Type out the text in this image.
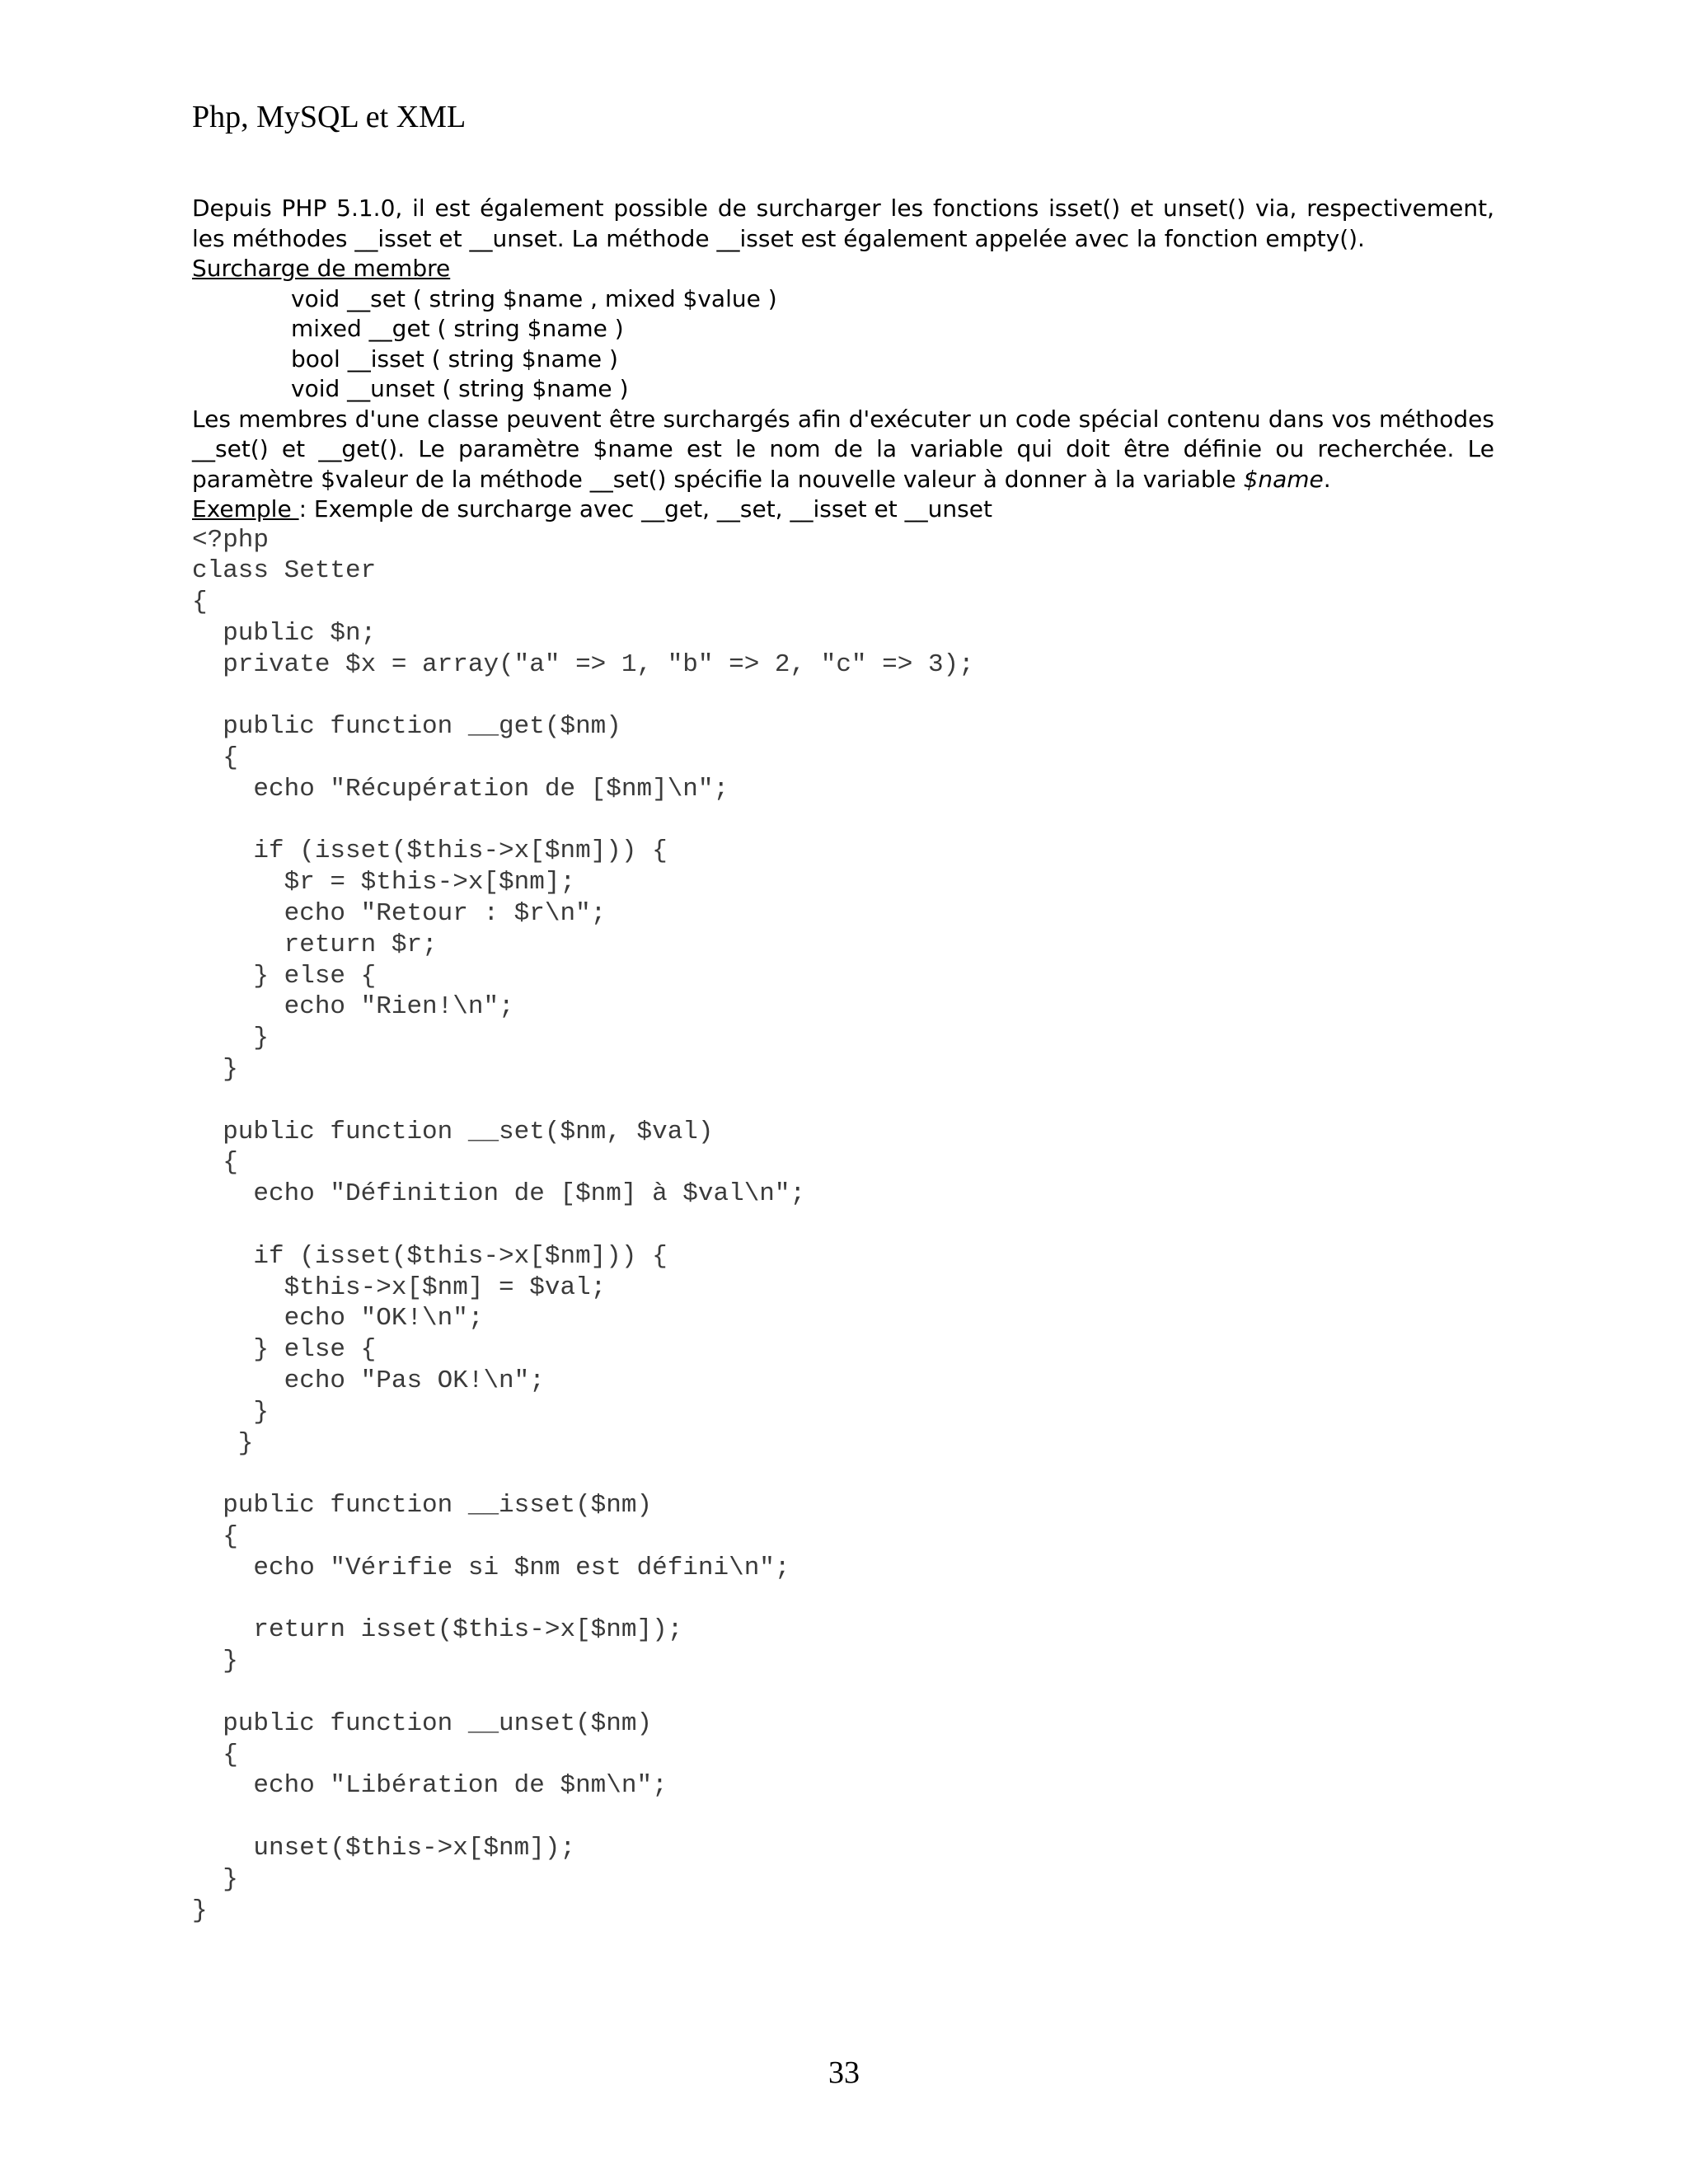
Php, MySQL et XML

Depuis PHP 5.1.0, il est également possible de surcharger les fonctions isset() et unset() via, respectivement, les méthodes __isset et __unset. La méthode __isset est également appelée avec la fonction empty().

Surcharge de membre
void __set ( string $name , mixed $value )
mixed __get ( string $name )
bool __isset ( string $name )
void __unset ( string $name )

Les membres d'une classe peuvent être surchargés afin d'exécuter un code spécial contenu dans vos méthodes __set() et __get(). Le paramètre $name est le nom de la variable qui doit être définie ou recherchée. Le paramètre $valeur de la méthode __set() spécifie la nouvelle valeur à donner à la variable $name.

Exemple : Exemple de surcharge avec __get, __set, __isset et __unset
<?php
class Setter
{
public $n;
private $x = array("a" => 1, "b" => 2, "c" => 3);

public function __get($nm)
{
echo "Récupération de [$nm]\n";

if (isset($this->x[$nm])) {
$r = $this->x[$nm];
echo "Retour : $r\n";
return $r;
} else {
echo "Rien!\n";
}
}

public function __set($nm, $val)
{
echo "Définition de [$nm] à $val\n";

if (isset($this->x[$nm])) {
$this->x[$nm] = $val;
echo "OK!\n";
} else {
echo "Pas OK!\n";
}
}

public function __isset($nm)
{
echo "Vérifie si $nm est défini\n";

return isset($this->x[$nm]);
}

public function __unset($nm)
{
echo "Libération de $nm\n";

unset($this->x[$nm]);
}
}
33
